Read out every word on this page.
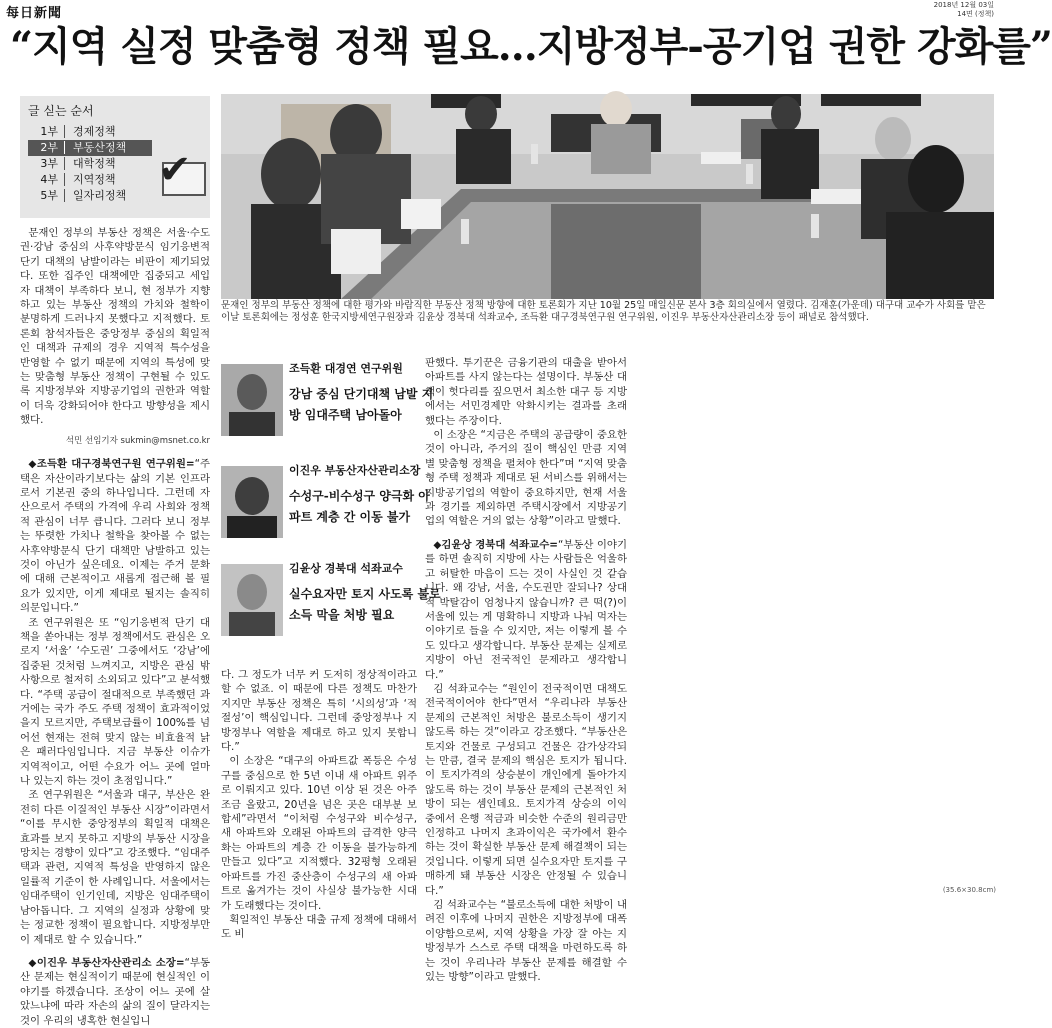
每日新聞
2018년 12월 03일
14면 (정책)
“지역 실정 맞춤형 정책 필요…지방정부-공기업 권한 강화를”
글 싣는 순서
1부 경제정책
2부 부동산정책
3부 대학정책
4부 지역정책
5부 일자리정책
✔
문재인 정부의 부동산 정책에 대한 평가와 바람직한 부동산 정책 방향에 대한 토론회가 지난 10월 25일 매일신문 본사 3층 회의실에서 열렸다. 김재훈(가운데) 대구대 교수가 사회를 맡은 이날 토론회에는 정성훈 한국지방세연구원장과 김윤상 경북대 석좌교수, 조득환 대구경북연구원 연구위원, 이진우 부동산자산관리소장 등이 패널로 참석했다.

문재인 정부의 부동산 정책은 서울·수도권·강남 중심의 사후약방문식 임기응변적 단기 대책의 남발이라는 비판이 제기되었다. 또한 집주인 대책에만 집중되고 세입자 대책이 부족하다 보니, 현 정부가 지향하고 있는 부동산 정책의 가치와 철학이 분명하게 드러나지 못했다고 지적했다. 토론회 참석자들은 중앙정부 중심의 획일적인 대책과 규제의 경우 지역적 특수성을 반영할 수 없기 때문에 지역의 특성에 맞는 맞춤형 부동산 정책이 구현될 수 있도록 지방정부와 지방공기업의 권한과 역할이 더욱 강화되어야 한다고 방향성을 제시했다.

석민 선임기자 sukmin@msnet.co.kr

◆조득환 대구경북연구원 연구위원=“주택은 자산이라기보다는 삶의 기본 인프라로서 기본권 중의 하나입니다. 그런데 자산으로서 주택의 가격에 우리 사회와 정책적 관심이 너무 큽니다. 그러다 보니 정부는 뚜렷한 가치나 철학을 찾아볼 수 없는 사후약방문식 단기 대책만 남발하고 있는 것이 아닌가 싶은데요. 이제는 주거 문화에 대해 근본적이고 새롭게 접근해 볼 필요가 있지만, 이게 제대로 될지는 솔직히 의문입니다.”

조 연구위원은 또 “임기응변적 단기 대책을 쏟아내는 정부 정책에서도 관심은 오로지 ‘서울’ ‘수도권’ 그중에서도 ‘강남’에 집중된 것처럼 느껴지고, 지방은 관심 밖 사항으로 철저히 소외되고 있다”고 분석했다. “주택 공급이 절대적으로 부족했던 과거에는 국가 주도 주택 정책이 효과적이었을지 모르지만, 주택보급률이 100%를 넘어선 현재는 전혀 맞지 않는 비효율적 낡은 패러다임입니다. 지금 부동산 이슈가 지역적이고, 어떤 수요가 어느 곳에 얼마나 있는지 하는 것이 초점입니다.”

조 연구위원은 “서울과 대구, 부산은 완전히 다른 이질적인 부동산 시장”이라면서 “이를 무시한 중앙정부의 획일적 대책은 효과를 보지 못하고 지방의 부동산 시장을 망치는 경향이 있다”고 강조했다. “임대주택과 관련, 지역적 특성을 반영하지 않은 일률적 기준이 한 사례입니다. 서울에서는 임대주택이 인기인데, 지방은 임대주택이 남아돕니다. 그 지역의 실정과 상황에 맞는 정교한 정책이 필요합니다. 지방정부만이 제대로 할 수 있습니다.”

◆이진우 부동산자산관리소 소장=“부동산 문제는 현실적이기 때문에 현실적인 이야기를 하겠습니다. 조상이 어느 곳에 살았느냐에 따라 자손의 삶의 질이 달라지는 것이 우리의 냉혹한 현실입니

조득환 대경연 연구위원
강남 중심 단기대책 남발 지방 임대주택 남아돌아
이진우 부동산자산관리소장
수성구-비수성구 양극화 아파트 계층 간 이동 불가
김윤상 경북대 석좌교수
실수요자만 토지 사도록 불로소득 막을 처방 필요

다. 그 정도가 너무 커 도저히 정상적이라고 할 수 없죠. 이 때문에 다른 정책도 마찬가지지만 부동산 정책은 특히 ‘시의성’과 ‘적절성’이 핵심입니다. 그런데 중앙정부나 지방정부나 역할을 제대로 하고 있지 못합니다.”

이 소장은 “대구의 아파트값 폭등은 수성구를 중심으로 한 5년 이내 새 아파트 위주로 이뤄지고 있다. 10년 이상 된 것은 아주 조금 올랐고, 20년을 넘은 곳은 대부분 보합세”라면서 “이처럼 수성구와 비수성구, 새 아파트와 오래된 아파트의 급격한 양극화는 아파트의 계층 간 이동을 불가능하게 만들고 있다”고 지적했다. 32평형 오래된 아파트를 가진 중산층이 수성구의 새 아파트로 옮겨가는 것이 사실상 불가능한 시대가 도래했다는 것이다.

획일적인 부동산 대출 규제 정책에 대해서도 비

판했다. 투기꾼은 금융기관의 대출을 받아서 아파트를 사지 않는다는 설명이다. 부동산 대책이 헛다리를 짚으면서 최소한 대구 등 지방에서는 서민경제만 악화시키는 결과를 초래했다는 주장이다.

이 소장은 “지금은 주택의 공급량이 중요한 것이 아니라, 주거의 질이 핵심인 만큼 지역별 맞춤형 정책을 펼쳐야 한다”며 “지역 맞춤형 주택 정책과 제대로 된 서비스를 위해서는 지방공기업의 역할이 중요하지만, 현재 서울과 경기를 제외하면 주택시장에서 지방공기업의 역할은 거의 없는 상황”이라고 말했다.

◆김윤상 경북대 석좌교수=“부동산 이야기를 하면 솔직히 지방에 사는 사람들은 억울하고 허탈한 마음이 드는 것이 사실인 것 같습니다. 왜 강남, 서울, 수도권만 잘되나? 상대적 박탈감이 엄청나지 않습니까? 큰 떡(?)이 서울에 있는 게 명확하니 지방과 나눠 먹자는 이야기로 들을 수 있지만, 저는 이렇게 볼 수도 있다고 생각합니다. 부동산 문제는 실제로 지방이 아닌 전국적인 문제라고 생각합니다.”

김 석좌교수는 “원인이 전국적이면 대책도 전국적이어야 한다”면서 “우리나라 부동산 문제의 근본적인 처방은 불로소득이 생기지 않도록 하는 것”이라고 강조했다. “부동산은 토지와 건물로 구성되고 건물은 감가상각되는 만큼, 결국 문제의 핵심은 토지가 됩니다. 이 토지가격의 상승분이 개인에게 돌아가지 않도록 하는 것이 부동산 문제의 근본적인 처방이 되는 셈인데요. 토지가격 상승의 이익 중에서 은행 적금과 비슷한 수준의 원리금만 인정하고 나머지 초과이익은 국가에서 환수하는 것이 확실한 부동산 문제 해결책이 되는 것입니다. 이렇게 되면 실수요자만 토지를 구매하게 돼 부동산 시장은 안정될 수 있습니다.”

김 석좌교수는 “불로소득에 대한 처방이 내려진 이후에 나머지 권한은 지방정부에 대폭 이양함으로써, 지역 상황을 가장 잘 아는 지방정부가 스스로 주택 대책을 마련하도록 하는 것이 우리나라 부동산 문제를 해결할 수 있는 방향”이라고 말했다.

(35.6×30.8cm)
